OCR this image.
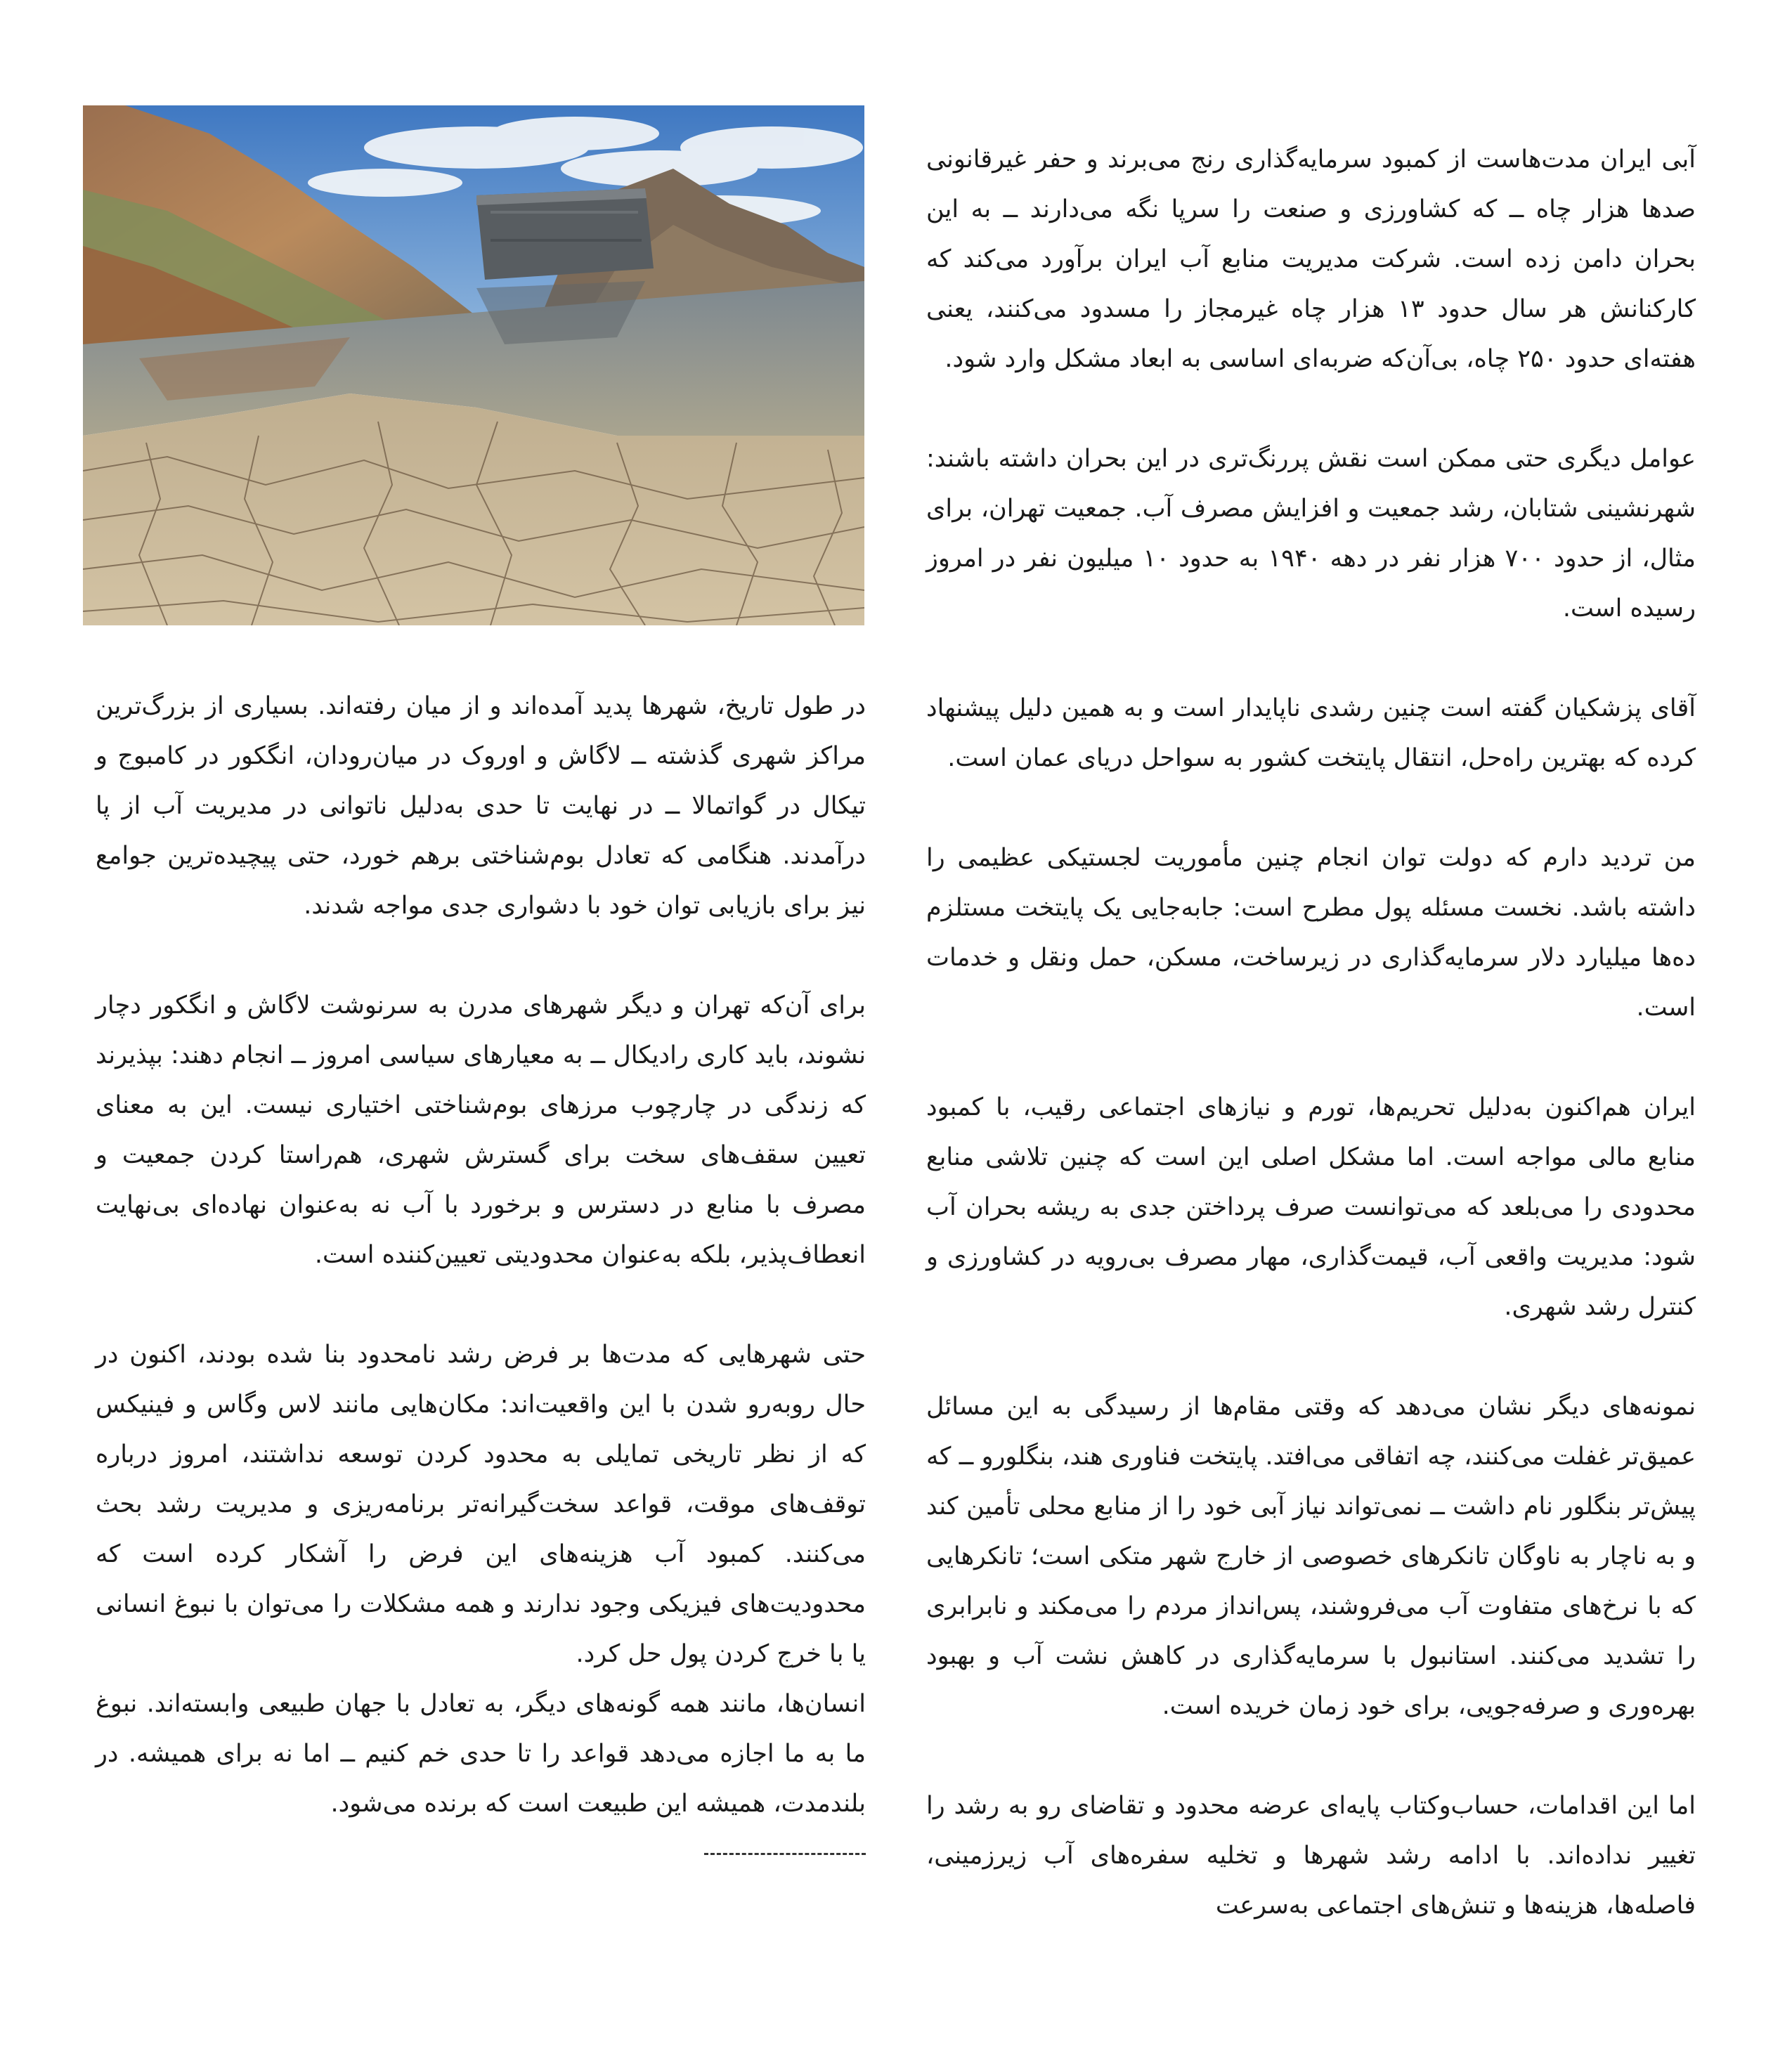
آبی ایران مدت‌هاست از کمبود سرمایه‌گذاری رنج می‌برند و حفر غیرقانونی صدها هزار چاه ــ که کشاورزی و صنعت را سرپا نگه می‌دارند ــ به این بحران دامن زده است. شرکت مدیریت منابع آب ایران برآورد می‌کند که کارکنانش هر سال حدود ۱۳ هزار چاه غیرمجاز را مسدود می‌کنند، یعنی هفته‌ای حدود ۲۵۰ چاه، بی‌آن‌که ضربه‌ای اساسی به ابعاد مشکل وارد شود.

عوامل دیگری حتی ممکن است نقش پررنگ‌تری در این بحران داشته باشند: شهرنشینی شتابان، رشد جمعیت و افزایش مصرف آب. جمعیت تهران، برای مثال، از حدود ۷۰۰ هزار نفر در دهه ۱۹۴۰ به حدود ۱۰ میلیون نفر در امروز رسیده است.

آقای پزشکیان گفته است چنین رشدی ناپایدار است و به همین دلیل پیشنهاد کرده که بهترین راه‌حل، انتقال پایتخت کشور به سواحل دریای عمان است.

من تردید دارم که دولت توان انجام چنین مأموریت لجستیکی عظیمی را داشته باشد. نخست مسئله پول مطرح است: جابه‌جایی یک پایتخت مستلزم ده‌ها میلیارد دلار سرمایه‌گذاری در زیرساخت، مسکن، حمل ونقل و خدمات است.

ایران هم‌اکنون به‌دلیل تحریم‌ها، تورم و نیازهای اجتماعی رقیب، با کمبود منابع مالی مواجه است. اما مشکل اصلی این است که چنین تلاشی منابع محدودی را می‌بلعد که می‌توانست صرف پرداختن جدی به ریشه بحران آب شود: مدیریت واقعی آب، قیمت‌گذاری، مهار مصرف بی‌رویه در کشاورزی و کنترل رشد شهری.

نمونه‌های دیگر نشان می‌دهد که وقتی مقام‌ها از رسیدگی به این مسائل عمیق‌تر غفلت می‌کنند، چه اتفاقی می‌افتد. پایتخت فناوری هند، بنگلورو ــ که پیش‌تر بنگلور نام داشت ــ نمی‌تواند نیاز آبی خود را از منابع محلی تأمین کند و به ناچار به ناوگان تانکرهای خصوصی از خارج شهر متکی است؛ تانکرهایی که با نرخ‌های متفاوت آب می‌فروشند، پس‌انداز مردم را می‌مکند و نابرابری را تشدید می‌کنند. استانبول با سرمایه‌گذاری در کاهش نشت آب و بهبود بهره‌وری و صرفه‌جویی، برای خود زمان خریده است.

اما این اقدامات، حساب‌وکتاب پایه‌ای عرضه محدود و تقاضای رو به رشد را تغییر نداده‌اند. با ادامه رشد شهرها و تخلیه سفره‌های آب زیرزمینی، فاصله‌ها، هزینه‌ها و تنش‌های اجتماعی به‌سرعت

در طول تاریخ، شهرها پدید آمده‌اند و از میان رفته‌اند. بسیاری از بزرگ‌ترین مراکز شهری گذشته ــ لاگاش و اوروک در میان‌رودان، انگکور در کامبوج و تیکال در گواتمالا ــ در نهایت تا حدی به‌دلیل ناتوانی در مدیریت آب از پا درآمدند. هنگامی که تعادل بوم‌شناختی برهم خورد، حتی پیچیده‌ترین جوامع نیز برای بازیابی توان خود با دشواری جدی مواجه شدند.

برای آن‌که تهران و دیگر شهرهای مدرن به سرنوشت لاگاش و انگکور دچار نشوند، باید کاری رادیکال ــ به معیارهای سیاسی امروز ــ انجام دهند: بپذیرند که زندگی در چارچوب مرزهای بوم‌شناختی اختیاری نیست. این به معنای تعیین سقف‌های سخت برای گسترش شهری، هم‌راستا کردن جمعیت و مصرف با منابع در دسترس و برخورد با آب نه به‌عنوان نهاده‌ای بی‌نهایت انعطاف‌پذیر، بلکه به‌عنوان محدودیتی تعیین‌کننده است.

حتی شهرهایی که مدت‌ها بر فرض رشد نامحدود بنا شده بودند، اکنون در حال روبه‌رو شدن با این واقعیت‌اند: مکان‌هایی مانند لاس وگاس و فینیکس که از نظر تاریخی تمایلی به محدود کردن توسعه نداشتند، امروز درباره توقف‌های موقت، قواعد سخت‌گیرانه‌تر برنامه‌ریزی و مدیریت رشد بحث می‌کنند. کمبود آب هزینه‌های این فرض را آشکار کرده است که محدودیت‌های فیزیکی وجود ندارند و همه مشکلات را می‌توان با نبوغ انسانی یا با خرج کردن پول حل کرد.

انسان‌ها، مانند همه گونه‌های دیگر، به تعادل با جهان طبیعی وابسته‌اند. نبوغ ما به ما اجازه می‌دهد قواعد را تا حدی خم کنیم ــ اما نه برای همیشه. در بلندمدت، همیشه این طبیعت است که برنده می‌شود.
